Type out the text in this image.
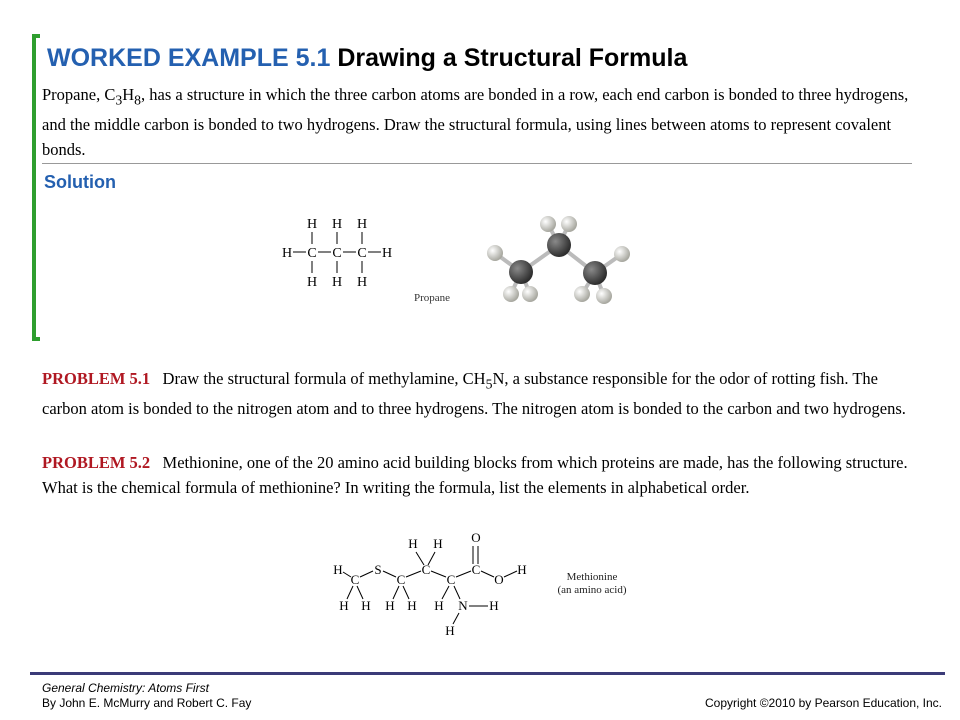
WORKED EXAMPLE 5.1 Drawing a Structural Formula
Propane, $C_3H_8$, has a structure in which the three carbon atoms are bonded in a row, each end carbon is bonded to three hydrogens, and the middle carbon is bonded to two hydrogens. Draw the structural formula, using lines between atoms to represent covalent bonds.
Solution
H H H
H C C C H
H H H
Propane
PROBLEM 5.1 Draw the structural formula of methylamine, $CH_5N$, a substance responsible for the odor of rotting fish. The carbon atom is bonded to the nitrogen atom and to three hydrogens. The nitrogen atom is bonded to the carbon and two hydrogens.
PROBLEM 5.2 Methionine, one of the 20 amino acid building blocks from which proteins are made, has the following structure. What is the chemical formula of methionine? In writing the formula, list the elements in alphabetical order.
H
C
H H
S
C
H H
C
H H
C
H N H
H
C
O
O
H	Methionine
(an amino acid)
General Chemistry: Atoms First
By John E. McMurry and Robert C. Fay	Copyright ©2010 by Pearson Education, Inc.
